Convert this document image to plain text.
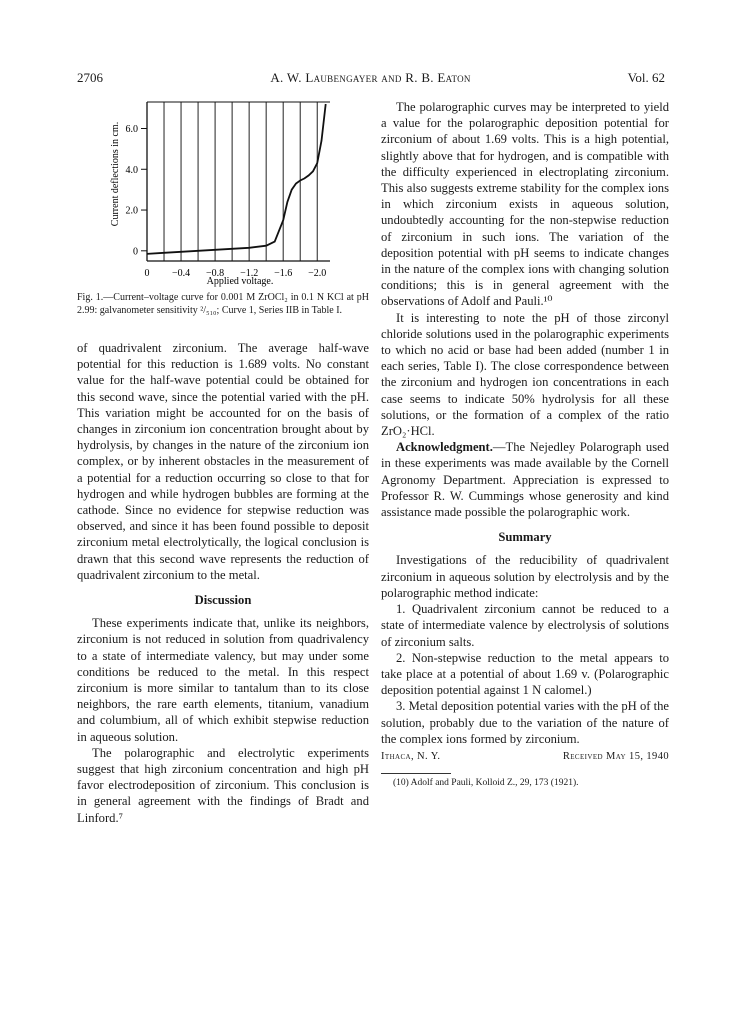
2706	A. W. Laubengayer and R. B. Eaton	Vol. 62
0
2.0
4.0
6.0
0 −0.4 −0.8 −1.2 −1.6 −2.0
Current deflections in cm.
Applied voltage.
Fig. 1.—Current–voltage curve for 0.001 M ZrOCl₂ in 0.1 N KCl at pH 2.99: galvanometer sensitivity ²/₅₁₀; Curve 1, Series IIB in Table I.

of quadrivalent zirconium. The average half-wave potential for this reduction is 1.689 volts. No constant value for the half-wave potential could be obtained for this second wave, since the potential varied with the pH. This variation might be accounted for on the basis of changes in zirconium ion concentration brought about by hydrolysis, by changes in the nature of the zirconium ion complex, or by inherent obstacles in the measurement of a potential for a reduction occurring so close to that for hydrogen and while hydrogen bubbles are forming at the cathode. Since no evidence for stepwise reduction was observed, and since it has been found possible to deposit zirconium metal electrolytically, the logical conclusion is drawn that this second wave represents the reduction of quadrivalent zirconium to the metal.

Discussion

These experiments indicate that, unlike its neighbors, zirconium is not reduced in solution from quadrivalency to a state of intermediate valency, but may under some conditions be reduced to the metal. In this respect zirconium is more similar to tantalum than to its close neighbors, the rare earth elements, titanium, vanadium and columbium, all of which exhibit stepwise reduction in aqueous solution.

The polarographic and electrolytic experiments suggest that high zirconium concentration and high pH favor electrodeposition of zirconium. This conclusion is in general agreement with the findings of Bradt and Linford.⁷

The polarographic curves may be interpreted to yield a value for the polarographic deposition potential for zirconium of about 1.69 volts. This is a high potential, slightly above that for hydrogen, and is compatible with the difficulty experienced in electroplating zirconium. This also suggests extreme stability for the complex ions in which zirconium exists in aqueous solution, undoubtedly accounting for the non-stepwise reduction of zirconium in such ions. The variation of the deposition potential with pH seems to indicate changes in the nature of the complex ions with changing solution conditions; this is in general agreement with the observations of Adolf and Pauli.¹⁰

It is interesting to note the pH of those zirconyl chloride solutions used in the polarographic experiments to which no acid or base had been added (number 1 in each series, Table I). The close correspondence between the zirconium and hydrogen ion concentrations in each case seems to indicate 50% hydrolysis for all these solutions, or the formation of a complex of the ratio ZrO₂·HCl.

Acknowledgment.—The Nejedley Polarograph used in these experiments was made available by the Cornell Agronomy Department. Appreciation is expressed to Professor R. W. Cummings whose generosity and kind assistance made possible the polarographic work.

Summary

Investigations of the reducibility of quadrivalent zirconium in aqueous solution by electrolysis and by the polarographic method indicate:

1. Quadrivalent zirconium cannot be reduced to a state of intermediate valence by electrolysis of solutions of zirconium salts.

2. Non-stepwise reduction to the metal appears to take place at a potential of about 1.69 v. (Polarographic deposition potential against 1 N calomel.)

3. Metal deposition potential varies with the pH of the solution, probably due to the variation of the nature of the complex ions formed by zirconium.

Ithaca, N. Y.	Received May 15, 1940
(10) Adolf and Pauli, Kolloid Z., 29, 173 (1921).
